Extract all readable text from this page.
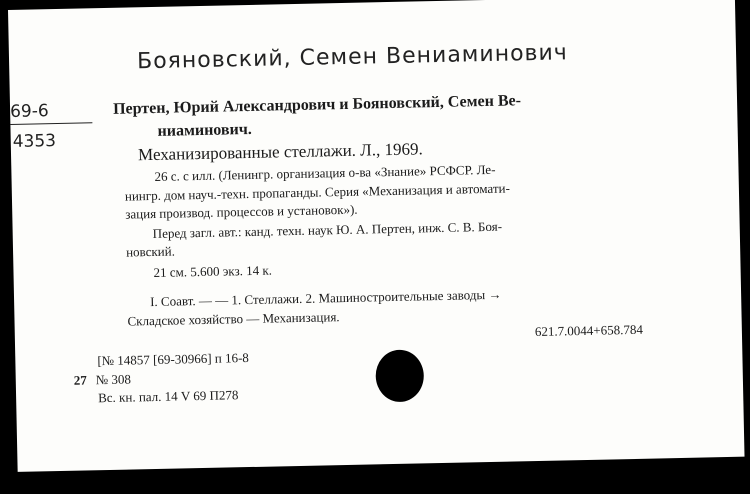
Бояновский, Семен Вениаминович
69-6
4353
Пертен, Юрий Александрович и Бояновский, Семен Ве-
ниаминович.
Механизированные стеллажи. Л., 1969.
26 с. с илл. (Ленингр. организация о-ва «Знание» РСФСР. Ле-
нингр. дом науч.-техн. пропаганды. Серия «Механизация и автомати-
зация производ. процессов и установок»).
Перед загл. авт.: канд. техн. наук Ю. А. Пертен, инж. С. В. Боя-
новский.
21 см. 5.600 экз. 14 к.
I. Соавт. — — 1. Стеллажи. 2. Машиностроительные заводы →
Складское хозяйство — Механизация.
621.7.0044+658.784
[№ 14857 [69-30966] п 16-8
27 № 308
Вс. кн. пал. 14 V 69 П278
